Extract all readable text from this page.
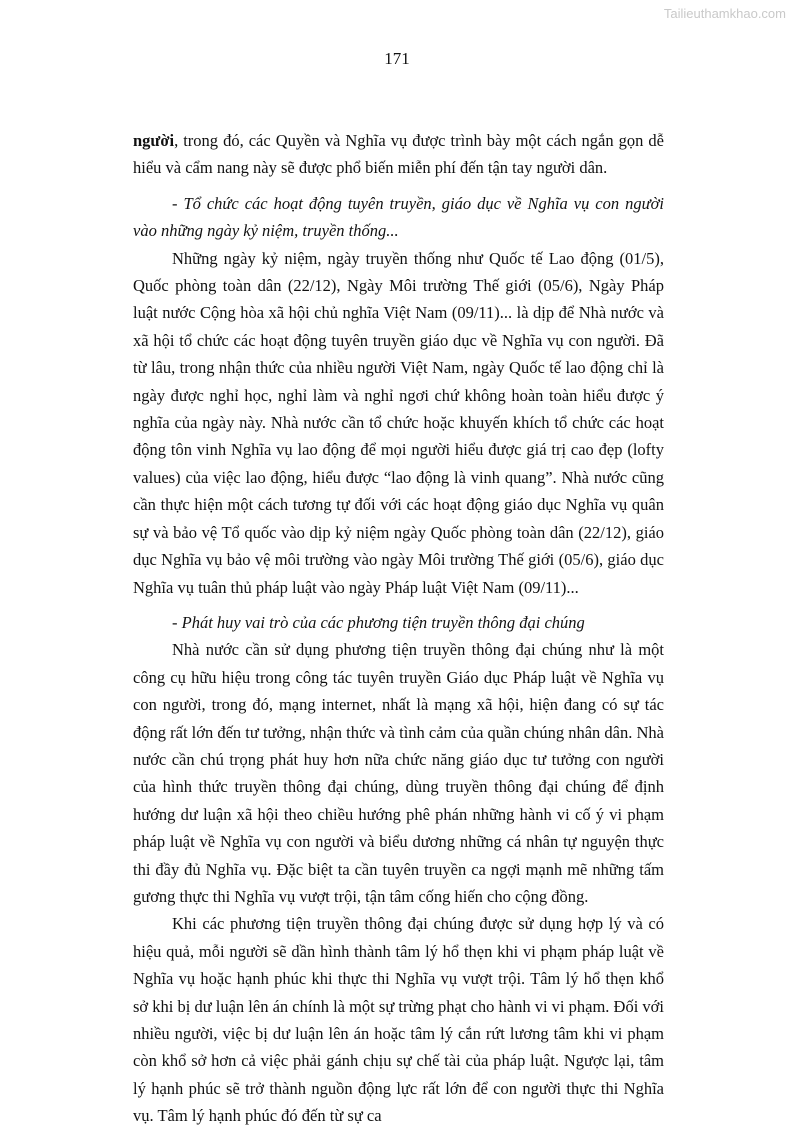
Tailieuthamkhao.com
171

người, trong đó, các Quyền và Nghĩa vụ được trình bày một cách ngắn gọn dễ hiểu và cẩm nang này sẽ được phổ biến miễn phí đến tận tay người dân.

- Tổ chức các hoạt động tuyên truyền, giáo dục về Nghĩa vụ con người vào những ngày kỷ niệm, truyền thống...

Những ngày kỷ niệm, ngày truyền thống như Quốc tế Lao động (01/5), Quốc phòng toàn dân (22/12), Ngày Môi trường Thế giới (05/6), Ngày Pháp luật nước Cộng hòa xã hội chủ nghĩa Việt Nam (09/11)... là dịp để Nhà nước và xã hội tổ chức các hoạt động tuyên truyền giáo dục về Nghĩa vụ con người. Đã từ lâu, trong nhận thức của nhiều người Việt Nam, ngày Quốc tế lao động chỉ là ngày được nghỉ học, nghỉ làm và nghỉ ngơi chứ không hoàn toàn hiểu được ý nghĩa của ngày này. Nhà nước cần tổ chức hoặc khuyến khích tổ chức các hoạt động tôn vinh Nghĩa vụ lao động để mọi người hiểu được giá trị cao đẹp (lofty values) của việc lao động, hiểu được “lao động là vinh quang”. Nhà nước cũng cần thực hiện một cách tương tự đối với các hoạt động giáo dục Nghĩa vụ quân sự và bảo vệ Tổ quốc vào dịp kỷ niệm ngày Quốc phòng toàn dân (22/12), giáo dục Nghĩa vụ bảo vệ môi trường vào ngày Môi trường Thế giới (05/6), giáo dục Nghĩa vụ tuân thủ pháp luật vào ngày Pháp luật Việt Nam (09/11)...

- Phát huy vai trò của các phương tiện truyền thông đại chúng

Nhà nước cần sử dụng phương tiện truyền thông đại chúng như là một công cụ hữu hiệu trong công tác tuyên truyền Giáo dục Pháp luật về Nghĩa vụ con người, trong đó, mạng internet, nhất là mạng xã hội, hiện đang có sự tác động rất lớn đến tư tưởng, nhận thức và tình cảm của quần chúng nhân dân. Nhà nước cần chú trọng phát huy hơn nữa chức năng giáo dục tư tưởng con người của hình thức truyền thông đại chúng, dùng truyền thông đại chúng để định hướng dư luận xã hội theo chiều hướng phê phán những hành vi cố ý vi phạm pháp luật về Nghĩa vụ con người và biểu dương những cá nhân tự nguyện thực thi đầy đủ Nghĩa vụ. Đặc biệt ta cần tuyên truyền ca ngợi mạnh mẽ những tấm gương thực thi Nghĩa vụ vượt trội, tận tâm cống hiến cho cộng đồng.

Khi các phương tiện truyền thông đại chúng được sử dụng hợp lý và có hiệu quả, mỗi người sẽ dần hình thành tâm lý hổ thẹn khi vi phạm pháp luật về Nghĩa vụ hoặc hạnh phúc khi thực thi Nghĩa vụ vượt trội. Tâm lý hổ thẹn khổ sở khi bị dư luận lên án chính là một sự trừng phạt cho hành vi vi phạm. Đối với nhiều người, việc bị dư luận lên án hoặc tâm lý cắn rứt lương tâm khi vi phạm còn khổ sở hơn cả việc phải gánh chịu sự chế tài của pháp luật. Ngược lại, tâm lý hạnh phúc sẽ trở thành nguồn động lực rất lớn để con người thực thi Nghĩa vụ. Tâm lý hạnh phúc đó đến từ sự ca
